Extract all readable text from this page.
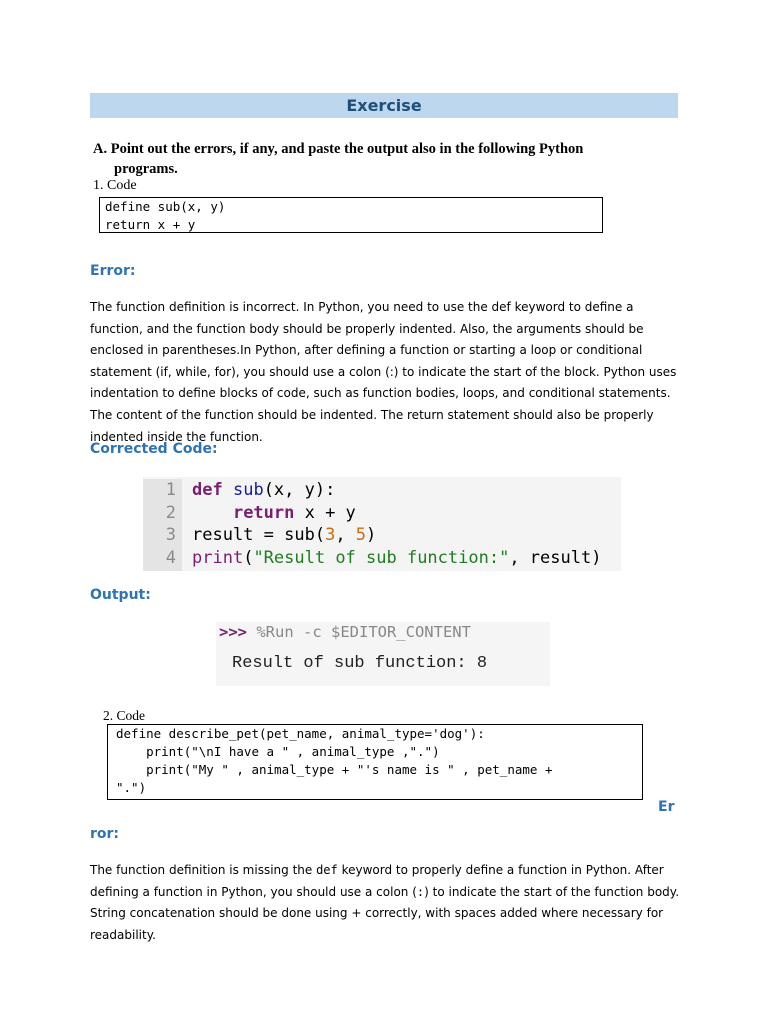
Exercise
A. Point out the errors, if any, and paste the output also in the following Python
programs.
1. Code
define sub(x, y)
return x + y
Error:
The function definition is incorrect. In Python, you need to use the def keyword to define a function, and the function body should be properly indented. Also, the arguments should be enclosed in parentheses.In Python, after defining a function or starting a loop or conditional statement (if, while, for), you should use a colon (:) to indicate the start of the block. Python uses indentation to define blocks of code, such as function bodies, loops, and conditional statements. The content of the function should be indented. The return statement should also be properly indented inside the function.
Corrected Code:
1
2
3
4
def sub(x, y):
return x + y
result = sub(3, 5)
print("Result of sub function:", result)
Output:
>>> %Run -c $EDITOR_CONTENT
Result of sub function: 8
2. Code
define describe_pet(pet_name, animal_type='dog'):
print("\nI have a " , animal_type ,".")
print("My " , animal_type + "'s name is " , pet_name +
".")
Er
ror:
The function definition is missing the def keyword to properly define a function in Python. After defining a function in Python, you should use a colon (:) to indicate the start of the function body. String concatenation should be done using + correctly, with spaces added where necessary for readability.
